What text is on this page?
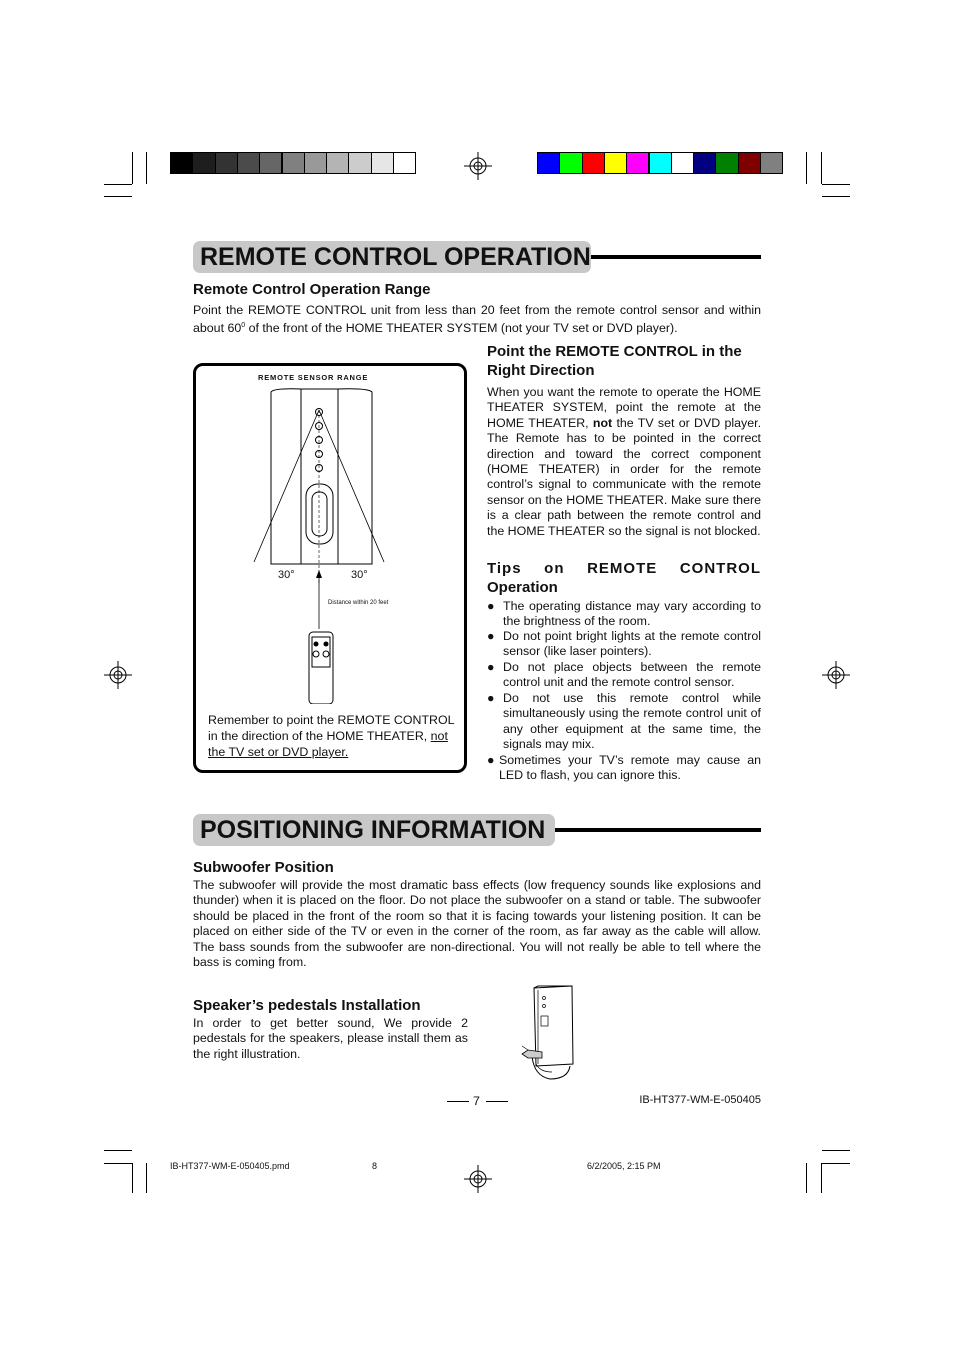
REMOTE CONTROL OPERATION
Remote Control Operation Range
Point the REMOTE CONTROL unit from less than 20 feet from the remote control sensor and within about $60^0$ of the front of the HOME THEATER SYSTEM (not your TV set or DVD player).
REMOTE SENSOR RANGE
30°	30°
Distance within 20 feet
Remember to point the REMOTE CONTROL in the direction of the HOME THEATER, not
the TV set or DVD player.
Point the REMOTE CONTROL in the
Right Direction
When you want the remote to operate the HOME THEATER SYSTEM, point the remote at the HOME THEATER, not the TV set or DVD player. The Remote has to be pointed in the correct direction and toward the correct component (HOME THEATER) in order for the remote control’s signal to communicate with the remote sensor on the HOME THEATER. Make sure there is a clear path between the remote control and the HOME THEATER so the signal is not blocked.
Tips on REMOTE CONTROL
Operation
● The operating distance may vary according to the brightness of the room.
● Do not point bright lights at the remote control sensor (like laser pointers).
● Do not place objects between the remote control unit and the remote control sensor.
● Do not use this remote control while simultaneously using the remote control unit of any other equipment at the same time, the signals may mix.
● Sometimes your TV’s remote may cause an LED to flash, you can ignore this.
POSITIONING INFORMATION
Subwoofer Position
The subwoofer will provide the most dramatic bass effects (low frequency sounds like explosions and thunder) when it is placed on the floor. Do not place the subwoofer on a stand or table. The subwoofer should be placed in the front of the room so that it is facing towards your listening position. It can be placed on either side of the TV or even in the corner of the room, as far away as the cable will allow. The bass sounds from the subwoofer are non-directional. You will not really be able to tell where the bass is coming from.
Speaker’s pedestals Installation
In order to get better sound, We provide 2 pedestals for the speakers, please install them as the right illustration.
7	IB-HT377-WM-E-050405
IB-HT377-WM-E-050405.pmd	8	6/2/2005, 2:15 PM
